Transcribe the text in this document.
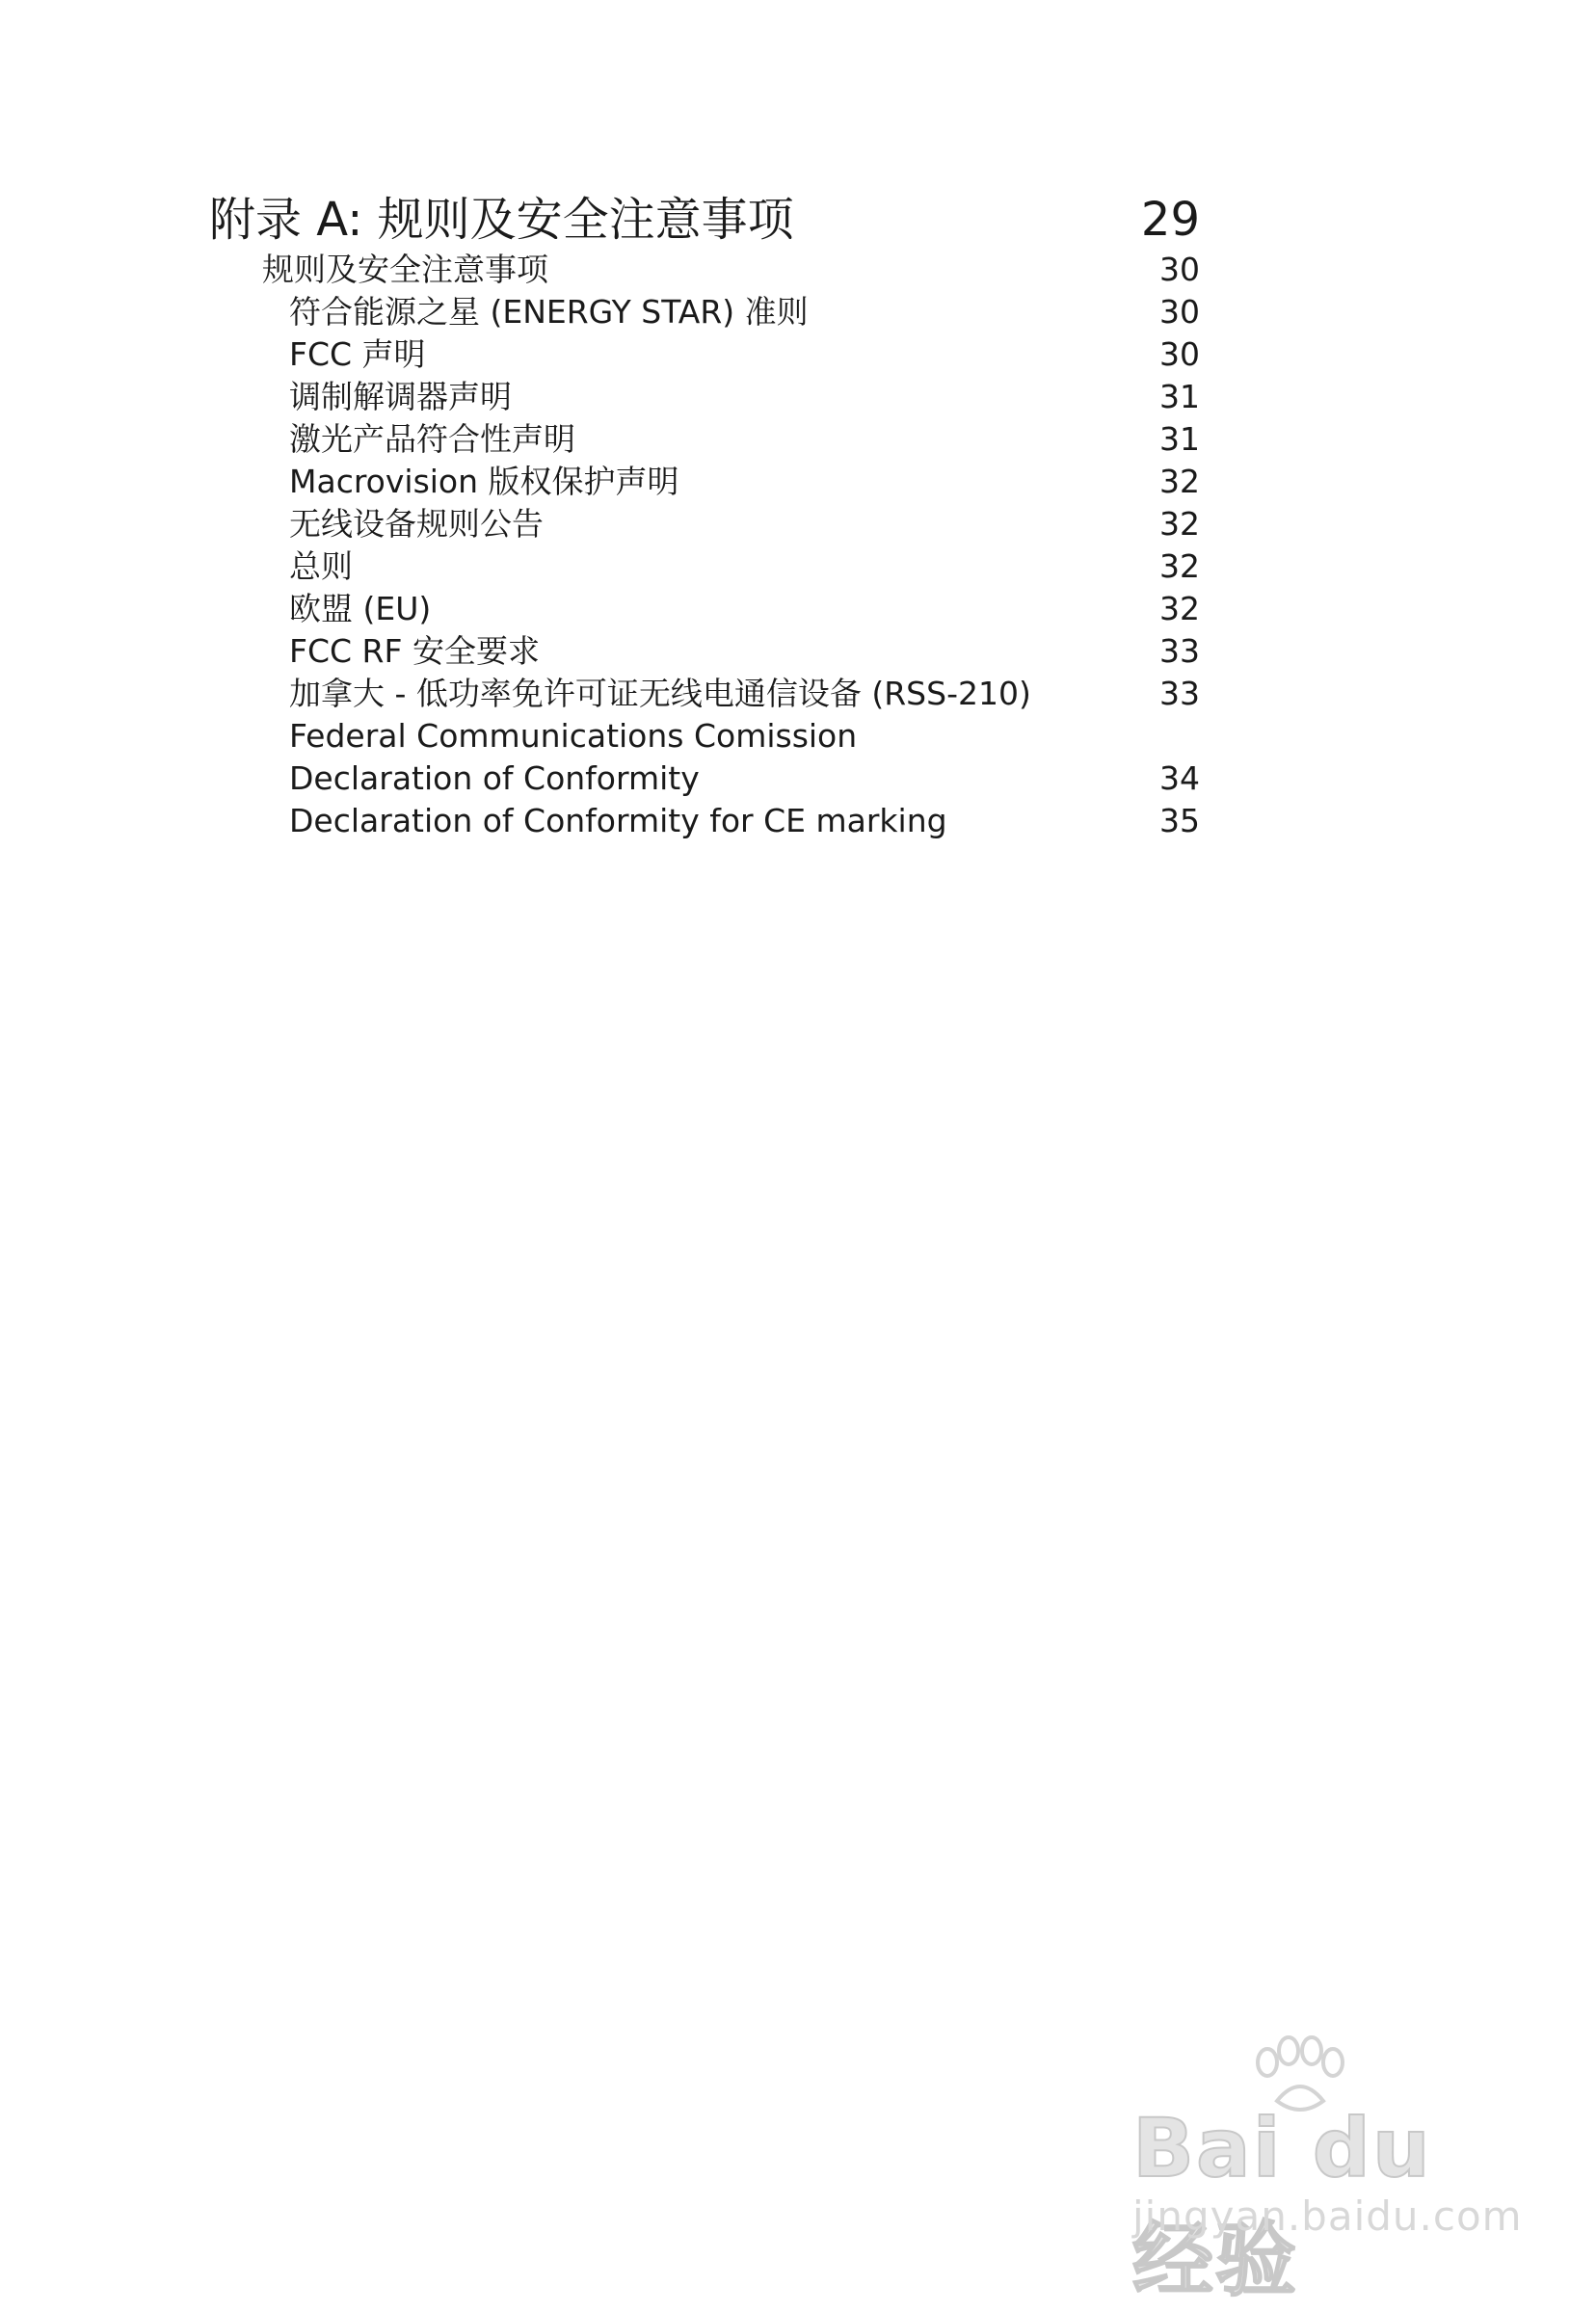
附录 A: 规则及安全注意事项	29
规则及安全注意事项	30
符合能源之星 (ENERGY STAR) 准则	30
FCC 声明	30
调制解调器声明	31
激光产品符合性声明	31
Macrovision 版权保护声明	32
无线设备规则公告	32
总则	32
欧盟 (EU)	32
FCC RF 安全要求	33
加拿大 - 低功率免许可证无线电通信设备 (RSS-210)	33
Federal Communications Comission
Declaration of Conformity	34
Declaration of Conformity for CE marking	35
Bai du 经验
jingyan.baidu.com
